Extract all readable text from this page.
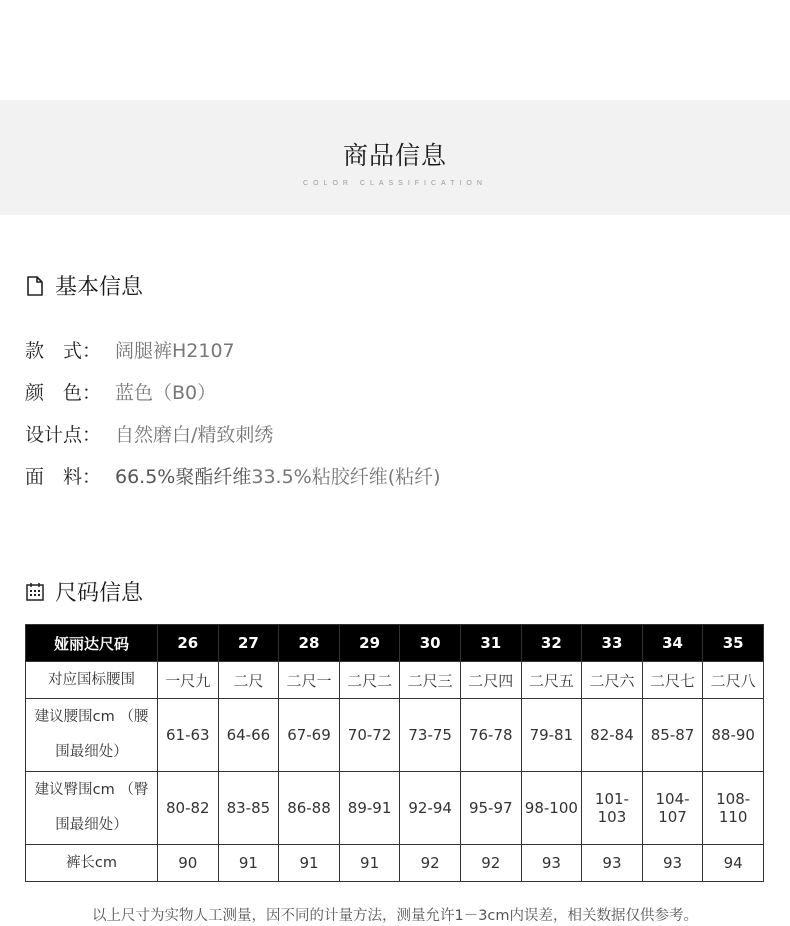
商品信息
COLOR CLASSIFICATION
基本信息
款　式： 阔腿裤H2107
颜　色： 蓝色（B0）
设计点： 自然磨白/精致刺绣
面　料： 66.5%聚酯纤维33.5%粘胶纤维(粘纤)
尺码信息
娅丽达尺码	26	27	28	29	30	31	32	33	34	35
对应国标腰围	一尺九	二尺	二尺一	二尺二	二尺三	二尺四	二尺五	二尺六	二尺七	二尺八
建议腰围cm （腰
围最细处）	61-63	64-66	67-69	70-72	73-75	76-78	79-81	82-84	85-87	88-90
建议臀围cm （臀
围最细处）	80-82	83-85	86-88	89-91	92-94	95-97	98-100	101-103	104-107	108-110
裤长cm	90	91	91	91	92	92	93	93	93	94
以上尺寸为实物人工测量，因不同的计量方法，测量允许1－3cm内误差，相关数据仅供参考。
